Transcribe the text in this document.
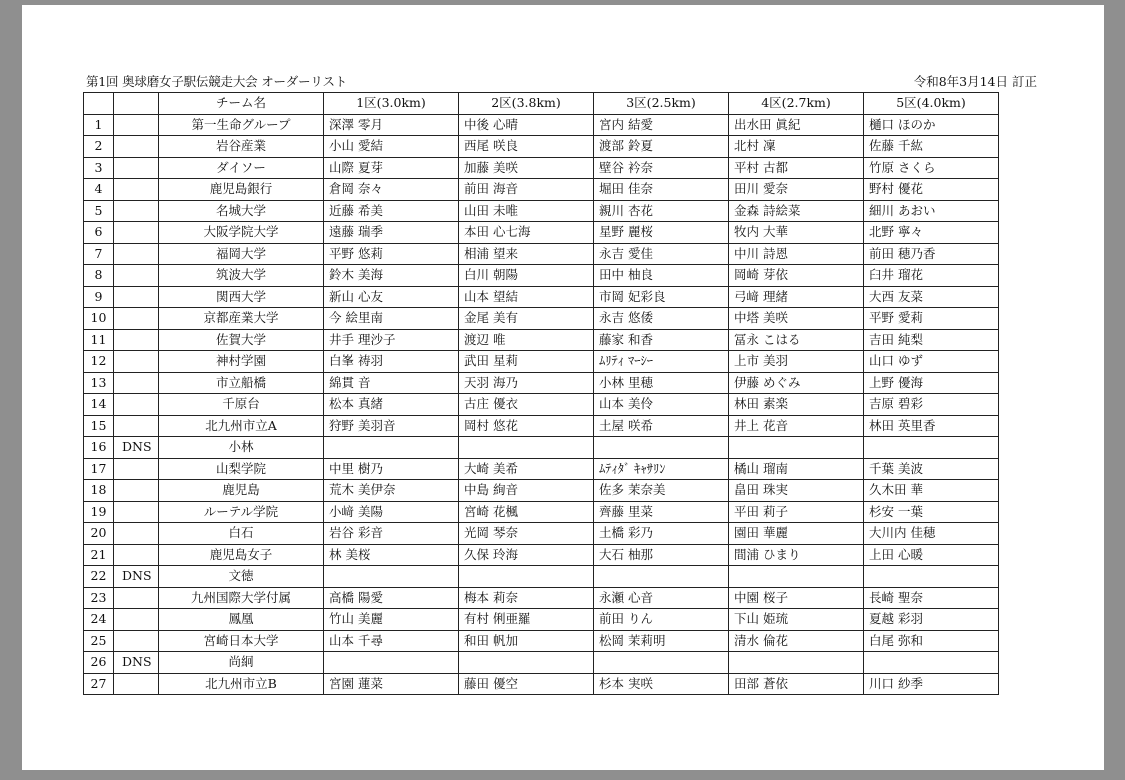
第1回 奥球磨女子駅伝競走大会 オーダーリスト	令和8年3月14日 訂正
		チーム名	1区(3.0km)	2区(3.8km)	3区(2.5km)	4区(2.7km)	5区(4.0km)
1		第一生命グループ	深澤 零月	中後 心晴	宮内 結愛	出水田 眞紀	樋口 ほのか
2		岩谷産業	小山 愛結	西尾 咲良	渡部 鈴夏	北村 凜	佐藤 千紘
3		ダイソー	山際 夏芽	加藤 美咲	壁谷 衿奈	平村 古都	竹原 さくら
4		鹿児島銀行	倉岡 奈々	前田 海音	堀田 佳奈	田川 愛奈	野村 優花
5		名城大学	近藤 希美	山田 未唯	親川 杏花	金森 詩絵菜	細川 あおい
6		大阪学院大学	遠藤 瑞季	本田 心七海	星野 麗桜	牧内 大華	北野 寧々
7		福岡大学	平野 悠莉	相浦 望来	永吉 愛佳	中川 詩恩	前田 穂乃香
8		筑波大学	鈴木 美海	白川 朝陽	田中 柚良	岡崎 芽依	臼井 瑠花
9		関西大学	新山 心友	山本 望結	市岡 妃彩良	弓﨑 理緒	大西 友菜
10		京都産業大学	今 絵里南	金尾 美有	永吉 悠倭	中塔 美咲	平野 愛莉
11		佐賀大学	井手 理沙子	渡辺 唯	藤家 和香	冨永 こはる	吉田 純梨
12		神村学園	白峯 祷羽	武田 星莉	ﾑﾘﾃｨ ﾏｰｼｰ	上市 美羽	山口 ゆず
13		市立船橋	綿貫 音	天羽 海乃	小林 里穂	伊藤 めぐみ	上野 優海
14		千原台	松本 真緒	古庄 優衣	山本 美伶	林田 素楽	吉原 碧彩
15		北九州市立A	狩野 美羽音	岡村 悠花	土屋 咲希	井上 花音	林田 英里香
16	DNS	小林					
17		山梨学院	中里 樹乃	大崎 美希	ﾑﾃｨﾀﾞ ｷｬｻﾘﾝ	橘山 瑠南	千葉 美波
18		鹿児島	荒木 美伊奈	中島 絢音	佐多 茉奈美	畠田 珠実	久木田 華
19		ルーテル学院	小﨑 美陽	宮崎 花楓	齊藤 里菜	平田 莉子	杉安 一葉
20		白石	岩谷 彩音	光岡 琴奈	土橋 彩乃	園田 華麗	大川内 佳穂
21		鹿児島女子	林 美桜	久保 玲海	大石 柚那	間浦 ひまり	上田 心暖
22	DNS	文徳					
23		九州国際大学付属	高橋 陽愛	梅本 莉奈	永瀬 心音	中園 桜子	長崎 聖奈
24		鳳凰	竹山 美麗	有村 俐亜羅	前田 りん	下山 姫琉	夏越 彩羽
25		宮崎日本大学	山本 千尋	和田 帆加	松岡 茉莉明	清水 倫花	白尾 弥和
26	DNS	尚絅					
27		北九州市立B	宮園 蓮菜	藤田 優空	杉本 実咲	田部 蒼依	川口 紗季
